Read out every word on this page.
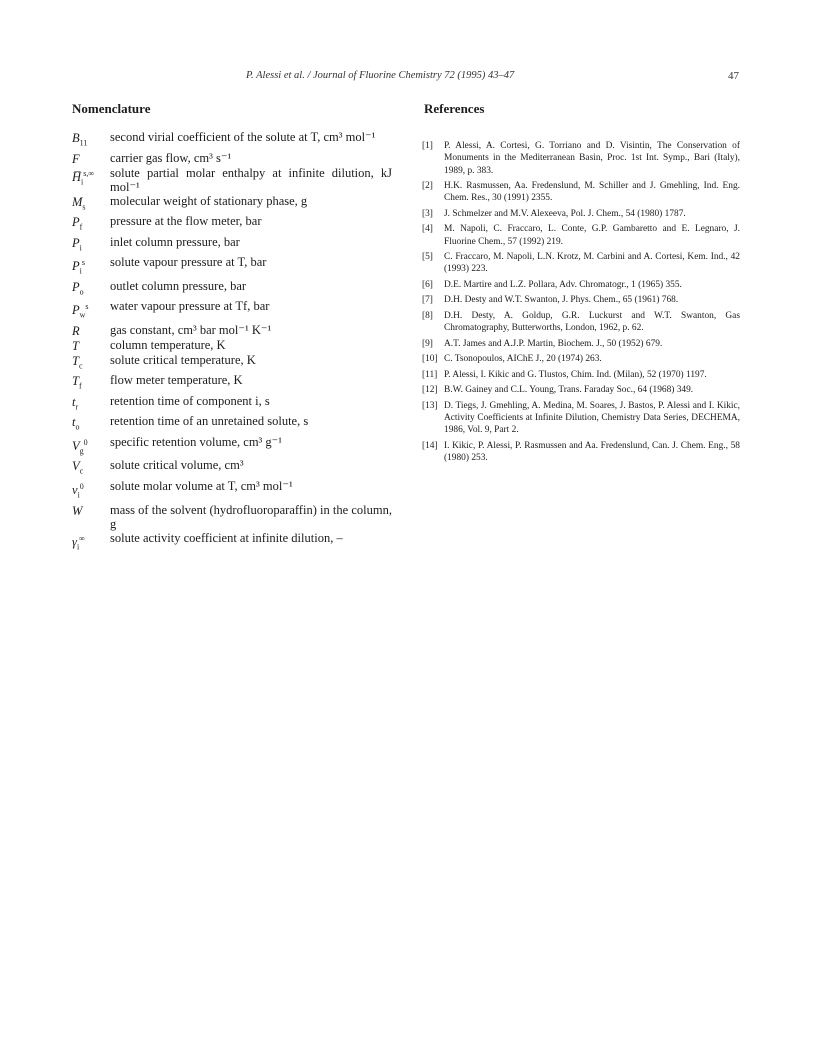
P. Alessi et al. / Journal of Fluorine Chemistry 72 (1995) 43–47	47
Nomenclature	References
$B_{11}$	second virial coefficient of the solute at T, cm³ mol⁻¹
F	carrier gas flow, cm³ s⁻¹
$H̅_i^{s,\infty}$	solute partial molar enthalpy at infinite dilution, kJ mol⁻¹
$M_s$	molecular weight of stationary phase, g
$P_f$	pressure at the flow meter, bar
$P_i$	inlet column pressure, bar
$P_i^s$	solute vapour pressure at T, bar
$P_o$	outlet column pressure, bar
$P_w^s$	water vapour pressure at Tf, bar
R	gas constant, cm³ bar mol⁻¹ K⁻¹
T	column temperature, K
$T_c$	solute critical temperature, K
$T_f$	flow meter temperature, K
$t_r$	retention time of component i, s
$t_o$	retention time of an unretained solute, s
$V_g^0$	specific retention volume, cm³ g⁻¹
$V_c$	solute critical volume, cm³
$v_i^0$	solute molar volume at T, cm³ mol⁻¹
W	mass of the solvent (hydrofluoroparaffin) in the column, g
$\gamma_i^\infty$	solute activity coefficient at infinite dilution, –
[1]	P. Alessi, A. Cortesi, G. Torriano and D. Visintin, The Conservation of Monuments in the Mediterranean Basin, Proc. 1st Int. Symp., Bari (Italy), 1989, p. 383.
[2]	H.K. Rasmussen, Aa. Fredenslund, M. Schiller and J. Gmehling, Ind. Eng. Chem. Res., 30 (1991) 2355.
[3]	J. Schmelzer and M.V. Alexeeva, Pol. J. Chem., 54 (1980) 1787.
[4]	M. Napoli, C. Fraccaro, L. Conte, G.P. Gambaretto and E. Legnaro, J. Fluorine Chem., 57 (1992) 219.
[5]	C. Fraccaro, M. Napoli, L.N. Krotz, M. Carbini and A. Cortesi, Kem. Ind., 42 (1993) 223.
[6]	D.E. Martire and L.Z. Pollara, Adv. Chromatogr., 1 (1965) 355.
[7]	D.H. Desty and W.T. Swanton, J. Phys. Chem., 65 (1961) 768.
[8]	D.H. Desty, A. Goldup, G.R. Luckurst and W.T. Swanton, Gas Chromatography, Butterworths, London, 1962, p. 62.
[9]	A.T. James and A.J.P. Martin, Biochem. J., 50 (1952) 679.
[10] C. Tsonopoulos, AIChE J., 20 (1974) 263.
[11] P. Alessi, I. Kikic and G. Tlustos, Chim. Ind. (Milan), 52 (1970) 1197.
[12] B.W. Gainey and C.L. Young, Trans. Faraday Soc., 64 (1968) 349.
[13] D. Tiegs, J. Gmehling, A. Medina, M. Soares, J. Bastos, P. Alessi and I. Kikic, Activity Coefficients at Infinite Dilution, Chemistry Data Series, DECHEMA, 1986, Vol. 9, Part 2.
[14] I. Kikic, P. Alessi, P. Rasmussen and Aa. Fredenslund, Can. J. Chem. Eng., 58 (1980) 253.
